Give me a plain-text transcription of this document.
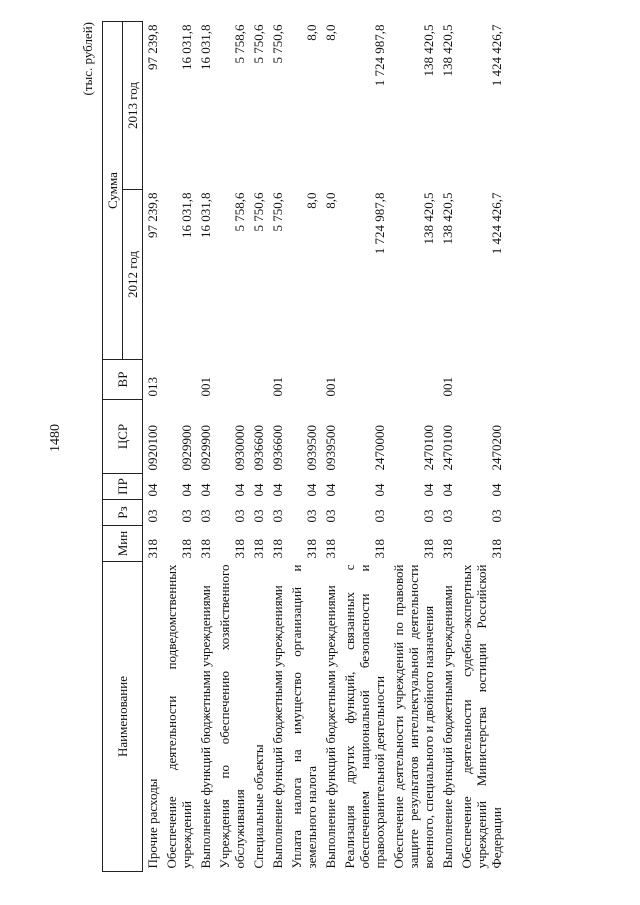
1480
(тыс. рублей)
Наименование	Мин	Рз	ПР	ЦСР	ВР	Сумма	
						2012 год	2013 год
Прочие расходы	318	03	04	0920100	013	97 239,8	97 239,8
Обеспечение деятельности подведомственных учреждений	318	03	04	0929900		16 031,8	16 031,8
Выполнение функций бюджетными учреждениями	318	03	04	0929900	001	16 031,8	16 031,8
Учреждения по обеспечению хозяйственного обслуживания	318	03	04	0930000		5 758,6	5 758,6
Специальные объекты	318	03	04	0936600		5 750,6	5 750,6
Выполнение функций бюджетными учреждениями	318	03	04	0936600	001	5 750,6	5 750,6
Уплата налога на имущество организаций и земельного налога	318	03	04	0939500		8,0	8,0
Выполнение функций бюджетными учреждениями	318	03	04	0939500	001	8,0	8,0
Реализация других функций, связанных с обеспечением национальной безопасности и правоохранительной деятельности	318	03	04	2470000		1 724 987,8	1 724 987,8
Обеспечение деятельности учреждений по правовой защите результатов интеллектуальной деятельности военного, специального и двойного назначения	318	03	04	2470100		138 420,5	138 420,5
Выполнение функций бюджетными учреждениями	318	03	04	2470100	001	138 420,5	138 420,5
Обеспечение деятельности судебно-экспертных учреждений Министерства юстиции Российской Федерации	318	03	04	2470200		1 424 426,7	1 424 426,7
